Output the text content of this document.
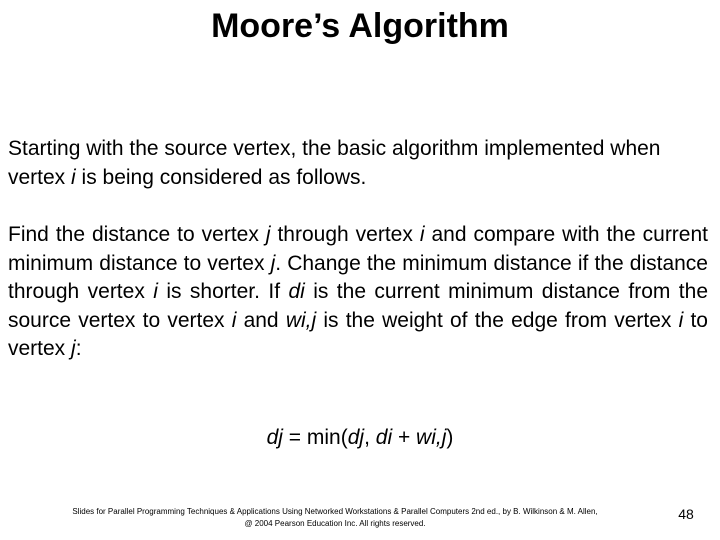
Moore’s Algorithm
Starting with the source vertex, the basic algorithm implemented when vertex i is being considered as follows.
Find the distance to vertex j through vertex i and compare with the current minimum distance to vertex j. Change the minimum distance if the distance through vertex i is shorter. If di is the current minimum distance from the source vertex to vertex i and wi,j is the weight of the edge from vertex i to vertex j:
dj = min(dj, di + wi,j)
Slides for Parallel Programming Techniques & Applications Using Networked Workstations & Parallel Computers 2nd ed., by B. Wilkinson & M. Allen,
@ 2004 Pearson Education Inc. All rights reserved.
48
